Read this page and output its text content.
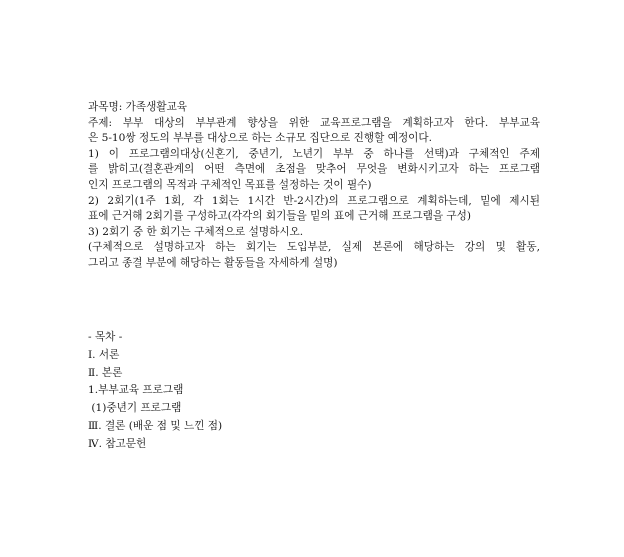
과목명: 가족생활교육
주제: 부부 대상의 부부관계 향상을 위한 교육프로그램을 계획하고자 한다. 부부교육
은 5-10쌍 정도의 부부를 대상으로 하는 소규모 집단으로 진행할 예정이다.
1) 이 프로그램의대상(신혼기, 중년기, 노년기 부부 중 하나를 선택)과 구체적인 주제
를 밝히고(결혼관계의 어떤 측면에 초점을 맞추어 무엇을 변화시키고자 하는 프로그램
인지 프로그램의 목적과 구체적인 목표를 설정하는 것이 필수)
2) 2회기(1주 1회, 각 1회는 1시간 반-2시간)의 프로그램으로 계획하는데, 밑에 제시된
표에 근거해 2회기를 구성하고(각각의 회기들을 밑의 표에 근거해 프로그램을 구성)
3) 2회기 중 한 회기는 구체적으로 설명하시오.
(구체적으로 설명하고자 하는 회기는 도입부분, 실제 본론에 해당하는 강의 및 활동,
그리고 종결 부분에 해당하는 활동들을 자세하게 설명)
- 목차 -
Ⅰ. 서론
Ⅱ. 본론
1.부부교육 프로그램
(1)중년기 프로그램
Ⅲ. 결론 (배운 점 및 느낀 점)
Ⅳ. 참고문헌
